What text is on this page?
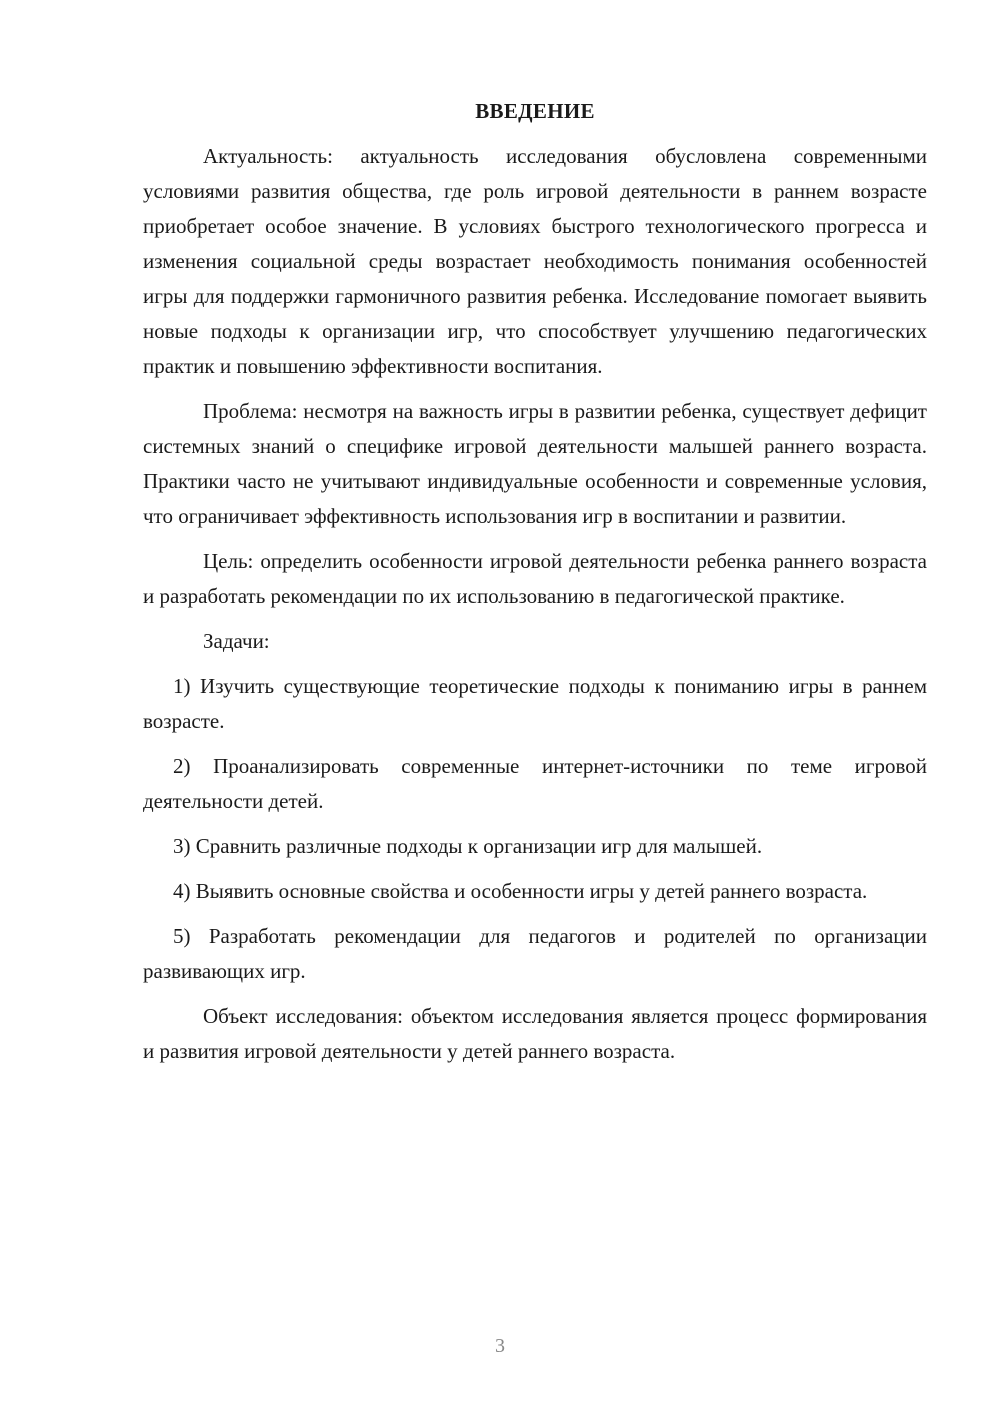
ВВЕДЕНИЕ

Актуальность: актуальность исследования обусловлена современными условиями развития общества, где роль игровой деятельности в раннем возрасте приобретает особое значение. В условиях быстрого технологического прогресса и изменения социальной среды возрастает необходимость понимания особенностей игры для поддержки гармоничного развития ребенка. Исследование помогает выявить новые подходы к организации игр, что способствует улучшению педагогических практик и повышению эффективности воспитания.

Проблема: несмотря на важность игры в развитии ребенка, существует дефицит системных знаний о специфике игровой деятельности малышей раннего возраста. Практики часто не учитывают индивидуальные особенности и современные условия, что ограничивает эффективность использования игр в воспитании и развитии.

Цель: определить особенности игровой деятельности ребенка раннего возраста и разработать рекомендации по их использованию в педагогической практике.

Задачи:

1) Изучить существующие теоретические подходы к пониманию игры в раннем возрасте.

2) Проанализировать современные интернет-источники по теме игровой деятельности детей.

3) Сравнить различные подходы к организации игр для малышей.

4) Выявить основные свойства и особенности игры у детей раннего возраста.

5) Разработать рекомендации для педагогов и родителей по организации развивающих игр.

Объект исследования: объектом исследования является процесс формирования и развития игровой деятельности у детей раннего возраста.

3
